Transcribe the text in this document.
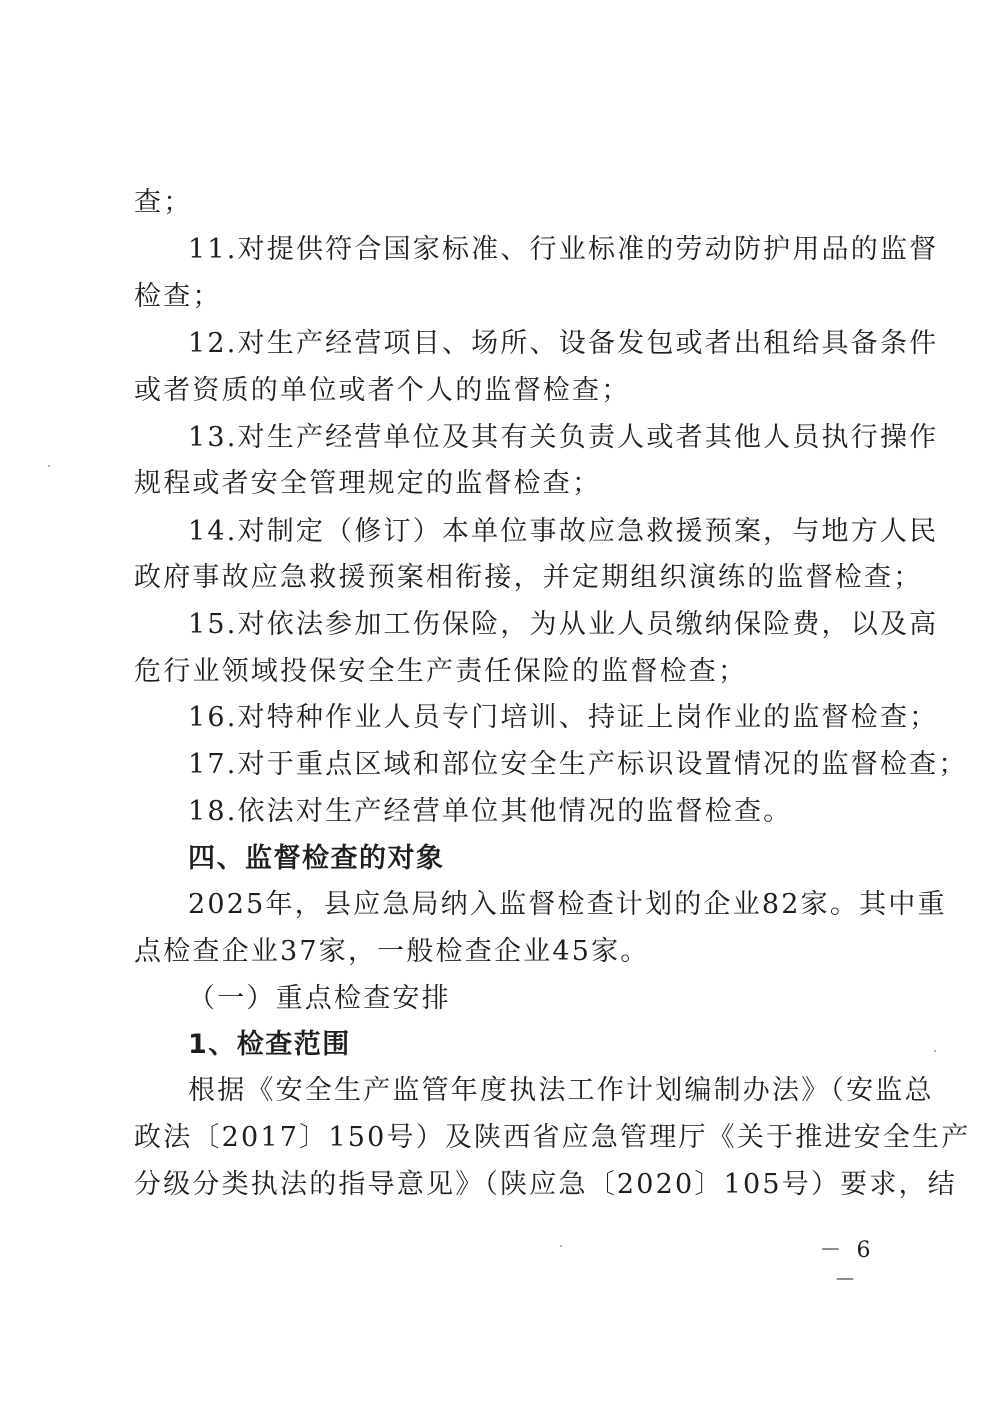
查；
11.对提供符合国家标准、行业标准的劳动防护用品的监督
检查；
12.对生产经营项目、场所、设备发包或者出租给具备条件
或者资质的单位或者个人的监督检查；
13.对生产经营单位及其有关负责人或者其他人员执行操作
规程或者安全管理规定的监督检查；
14.对制定（修订）本单位事故应急救援预案，与地方人民
政府事故应急救援预案相衔接，并定期组织演练的监督检查；
15.对依法参加工伤保险，为从业人员缴纳保险费，以及高
危行业领域投保安全生产责任保险的监督检查；
16.对特种作业人员专门培训、持证上岗作业的监督检查；
17.对于重点区域和部位安全生产标识设置情况的监督检查；
18.依法对生产经营单位其他情况的监督检查。
四、监督检查的对象
2025年，县应急局纳入监督检查计划的企业82家。其中重
点检查企业37家，一般检查企业45家。
（一）重点检查安排
1、检查范围
根据《安全生产监管年度执法工作计划编制办法》（安监总
政法〔2017〕150号）及陕西省应急管理厅《关于推进安全生产
分级分类执法的指导意见》（陕应急〔2020〕105号）要求，结
－ 6 －
